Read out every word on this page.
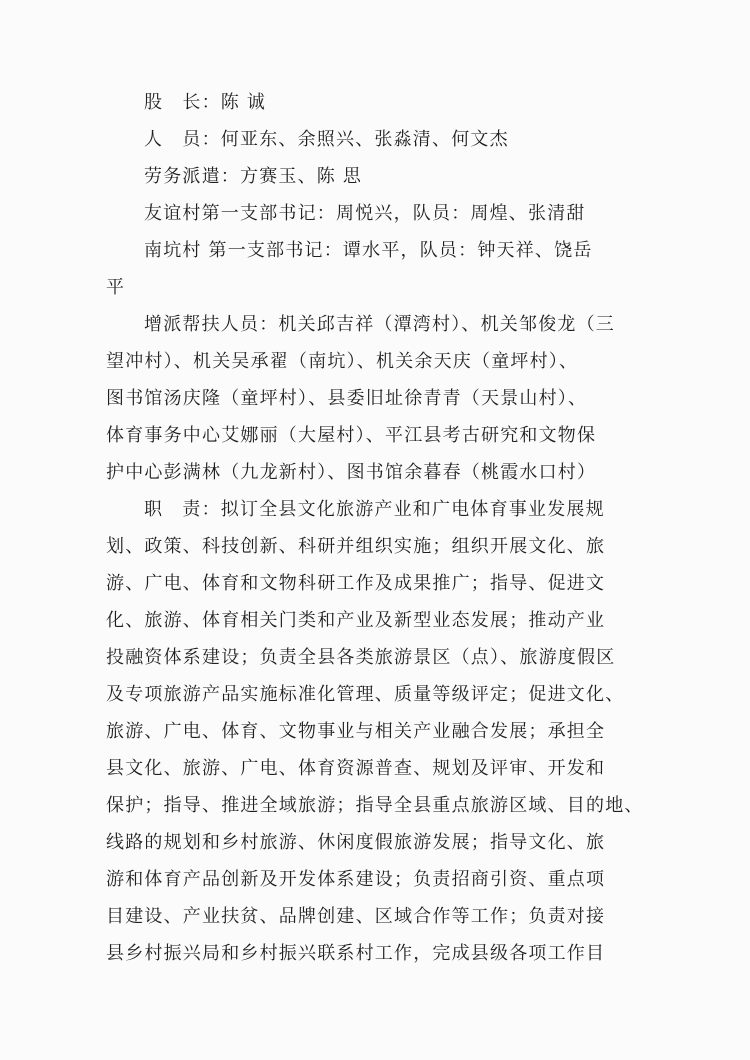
股　长：陈 诚
人　员：何亚东、余照兴、张淼清、何文杰
劳务派遣：方赛玉、陈 思
友谊村第一支部书记：周悦兴，队员：周煌、张清甜
南坑村 第一支部书记：谭水平，队员：钟天祥、饶岳
平
增派帮扶人员：机关邱吉祥（潭湾村）、机关邹俊龙（三
望冲村）、机关吴承翟（南坑）、机关余天庆（童坪村）、
图书馆汤庆隆（童坪村）、县委旧址徐青青（天景山村）、
体育事务中心艾娜丽（大屋村）、平江县考古研究和文物保
护中心彭满林（九龙新村）、图书馆余暮春（桃霞水口村）
职　责：拟订全县文化旅游产业和广电体育事业发展规
划、政策、科技创新、科研并组织实施；组织开展文化、旅
游、广电、体育和文物科研工作及成果推广；指导、促进文
化、旅游、体育相关门类和产业及新型业态发展；推动产业
投融资体系建设；负责全县各类旅游景区（点）、旅游度假区
及专项旅游产品实施标准化管理、质量等级评定；促进文化、
旅游、广电、体育、文物事业与相关产业融合发展；承担全
县文化、旅游、广电、体育资源普查、规划及评审、开发和
保护；指导、推进全域旅游；指导全县重点旅游区域、目的地、
线路的规划和乡村旅游、休闲度假旅游发展；指导文化、旅
游和体育产品创新及开发体系建设；负责招商引资、重点项
目建设、产业扶贫、品牌创建、区域合作等工作；负责对接
县乡村振兴局和乡村振兴联系村工作，完成县级各项工作目
